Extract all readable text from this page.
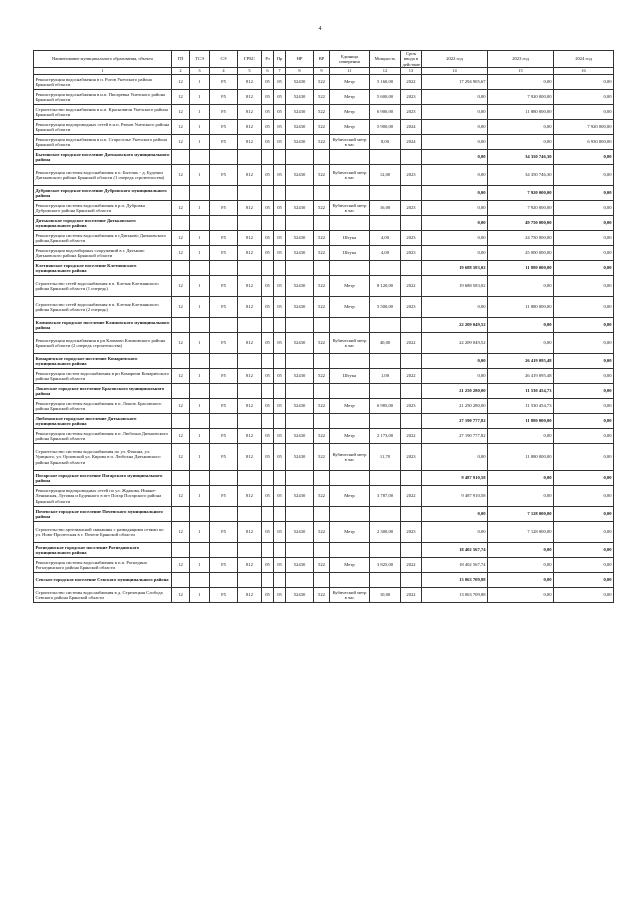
4
Наименование муниципального образования, объекта	ГП	ТСЭ	СЭ	ГРБС	Рз	Пр	НР	ВР	Единица измерения	Мощность	Срок ввода в действие	2022 год	2023 год	2024 год
1	2	3	4	5	6	7	8	9	11	12	13	14	15	16
Реконструкция водоснабжения в п. Рогов Унечского района Брянской области	12	1	F5	812	05	05	52430	522	Метр	5 160,00	2022	17 294 905,67	0,00	0,00
Реконструкция водоснабжения в н.п. Писаревка Унечского района Брянской области	12	1	F5	812	05	05	52430	522	Метр	5 600,00	2023	0,00	7 920 000,00	0,00
Строительство водоснабжения в н.п. Красновичи Унечского района Брянской области	12	1	F5	812	05	05	52430	522	Метр	6 900,00	2023	0,00	11 880 000,00	0,00
Реконструкция водопроводных сетей в н.п. Рюхов Унечского района Брянской области	12	1	F5	812	05	05	52430	522	Метр	5 900,00	2024	0,00	0,00	7 920 000,00
Реконструкция водоснабжения в н.п. Старосельe Унечского района Брянской области	12	1	F5	812	05	05	52430	522	Кубический метр в час	8,00	2024	0,00	0,00	6 930 000,00
Бытошское городское поселение Дятьковского муниципального района												0,00	34 350 746,30	0,00
Реконструкция системы водоснабжения в п. Бытошь - д. Будочки Дятьковского района Брянской области (1 очередь строительства)	12	1	F5	812	05	05	52430	522	Кубический метр в час	12,00	2023	0,00	34 350 746,30	0,00
Дубровское городское поселение Дубровского муниципального района												0,00	7 920 000,00	0,00
Реконструкция системы водоснабжения в р.п. Дубровка Дубровского района Брянской области	12	1	F5	812	05	05	52430	522	Кубический метр в час	16,00	2023	0,00	7 920 000,00	0,00
Дятьковское городское поселение Дятьковского муниципального района												0,00	49 750 000,00	0,00
Реконструкция системы водоснабжения в г.Дятьково Дятьковского района,Брянской области	12	1	F5	812	05	05	52430	522	Штука	4,00	2023	0,00	24 750 000,00	0,00
Реконструкция водозаборных сооружений в г. Дятьково Дятьковского района Брянской области	12	1	F5	812	05	05	52430	522	Штука	4,00	2023	0,00	25 000 000,00	0,00
Клетнянское городское поселение Клетнянского муниципального района												19 688 583,02	11 880 000,00	0,00
Строительство сетей водоснабжения в п. Клетня Клетнянского района Брянской области (1 очередь)	12	1	F5	812	05	05	52430	522	Метр	8 120,00	2022	19 688 583,02	0,00	0,00
Строительство сетей водоснабжения в п. Клетня Клетнянского района Брянской области (2 очередь)	12	1	F5	812	05	05	52430	522	Метр	5 500,00	2023	0,00	11 880 000,00	0,00
Климовское городское поселение Климовского муниципального района												22 209 049,52	0,00	0,00
Реконструкция водоснабжения в рп Климово Климовского района Брянской области (2 очередь строительства)	12	1	F5	812	05	05	52430	522	Кубический метр в час	40,00	2022	22 209 049,52	0,00	0,00
Комаричское городское поселение Комаричского муниципального района												0,00	26 419 095,48	0,00
Реконструкция систем водоснабжения в рп Комаричи Комаричского района Брянской области	12	1	F5	812	05	05	52430	522	Штука	1,00	2022	0,00	26 419 095,48	0,00
Локотское городское поселение Брасовского муниципального района												21 250 280,00	11 530 454,73	0,00
Реконструкция системы водоснабжения в п. Локоть Брасовского района Брянской области	12	1	F5	812	05	05	52430	522	Метр	6 985,00	2023	21 250 280,00	11 530 454,73	0,00
Любохонское городское поселение Дятьковского муниципального района												27 190 777,82	11 880 000,00	0,00
Реконструкция системы водоснабжения в п. Любохна Дятьковского района Брянской области	12	1	F5	812	05	05	52430	522	Метр	2 173,00	2022	27 190 777,82	0,00	0,00
Строительство системы водоснабжения по ул. Фокина, ул. Урицкого, ул. Орловской ул. Кирова в п. Любохна Дятьковского района Брянской области	12	1	F5	812	05	05	52430	522	Кубический метр в час	11,70	2023	0,00	11 880 000,00	0,00
Погарское городское поселение Погарского муниципального района												9 487 910,58	0,00	0,00
Реконструкция водопроводных сетей по ул. Ждакова, Нижне-Ленинская, Луговая и Буденного в пгт Погар Погарского района Брянской области	12	1	F5	812	05	05	52430	522	Метр	3 787,00	2022	9 487 910,58	0,00	0,00
Почепское городское поселение Почепского муниципального района												0,00	7 128 000,00	0,00
Строительство артезианской скважины с разводящими сетями по ул. Ново-Пролетская в г. Почепе Брянской области	12	1	F5	812	05	05	52430	522	Метр	2 300,00	2023	0,00	7 128 000,00	0,00
Рогнединское городское поселение Рогнединского муниципального района												18 402 567,74	0,00	0,00
Реконструкция системы водоснабжения в п.п. Рогнедино Рогнединского района Брянской области	12	1	F5	812	05	05	52430	522	Метр	3 825,00	2022	18 402 567,74	0,00	0,00
Севское городское поселение Севского муниципального района												13 063 709,88	0,00	0,00
Строительство системы водоснабжения в д. Стрелецкая Слобода Севского района Брянской области	12	1	F5	812	05	05	52430	522	Кубический метр в час	10,00	2022	13 063 709,88	0,00	0,00
